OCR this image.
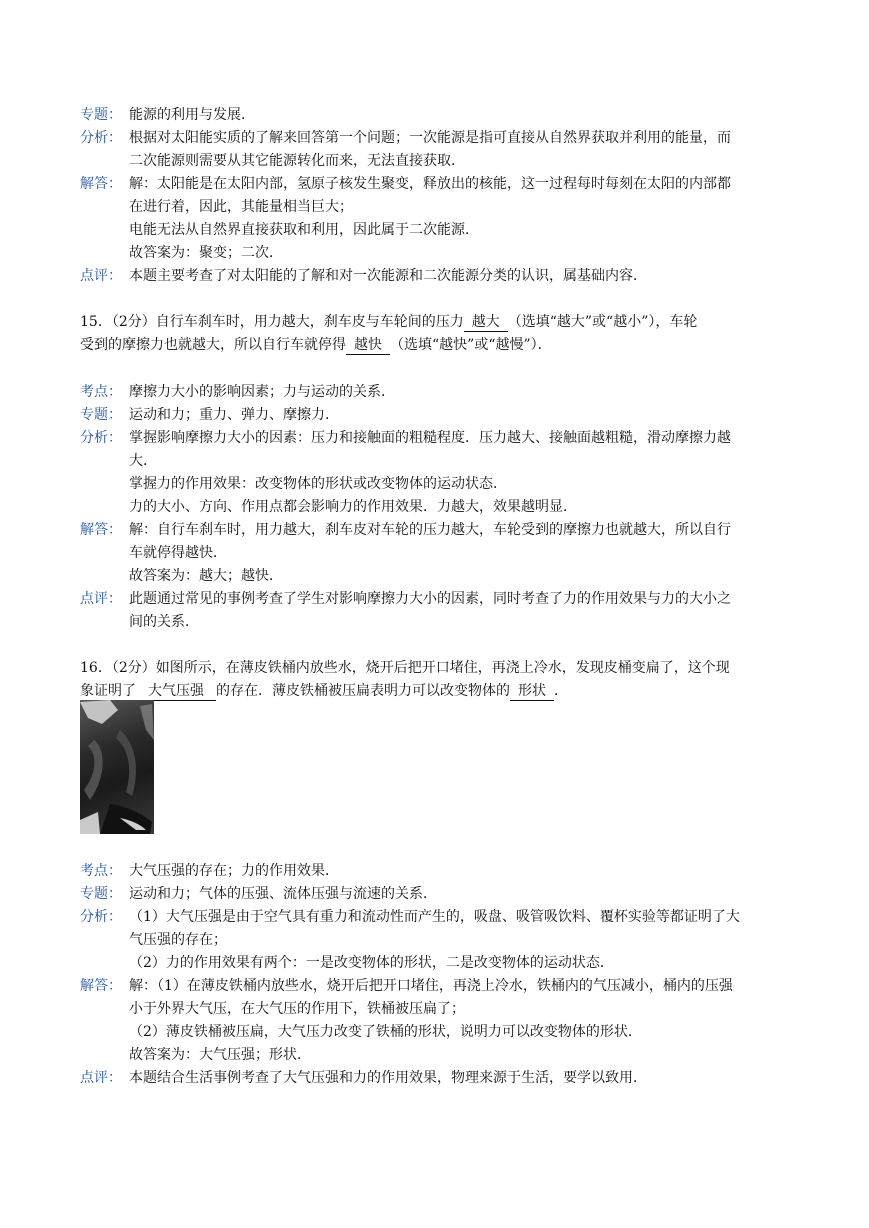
专题： 能源的利用与发展．

分析： 根据对太阳能实质的了解来回答第一个问题；一次能源是指可直接从自然界获取并利用的能量，而

二次能源则需要从其它能源转化而来，无法直接获取．

解答： 解：太阳能是在太阳内部，氢原子核发生聚变，释放出的核能，这一过程每时每刻在太阳的内部都

在进行着，因此，其能量相当巨大；

电能无法从自然界直接获取和利用，因此属于二次能源．

故答案为：聚变；二次．

点评： 本题主要考查了对太阳能的了解和对一次能源和二次能源分类的认识，属基础内容．

15．（2分）自行车刹车时，用力越大，刹车皮与车轮间的压力 越大 （选填“越大”或“越小”），车轮

受到的摩擦力也就越大，所以自行车就停得 越快 （选填“越快”或“越慢”）．

考点： 摩擦力大小的影响因素；力与运动的关系．

专题： 运动和力；重力、弹力、摩擦力．

分析： 掌握影响摩擦力大小的因素：压力和接触面的粗糙程度．压力越大、接触面越粗糙，滑动摩擦力越

大．

掌握力的作用效果：改变物体的形状或改变物体的运动状态．

力的大小、方向、作用点都会影响力的作用效果．力越大，效果越明显．

解答： 解：自行车刹车时，用力越大，刹车皮对车轮的压力越大，车轮受到的摩擦力也就越大，所以自行

车就停得越快．

故答案为：越大；越快．

点评： 此题通过常见的事例考查了学生对影响摩擦力大小的因素，同时考查了力的作用效果与力的大小之

间的关系．

16．（2分）如图所示，在薄皮铁桶内放些水，烧开后把开口堵住，再浇上冷水，发现皮桶变扁了，这个现

象证明了 大气压强 的存在．薄皮铁桶被压扁表明力可以改变物体的 形状 ．

考点： 大气压强的存在；力的作用效果．

专题： 运动和力；气体的压强、流体压强与流速的关系．

分析： （1）大气压强是由于空气具有重力和流动性而产生的，吸盘、吸管吸饮料、覆杯实验等都证明了大

气压强的存在；

（2）力的作用效果有两个：一是改变物体的形状，二是改变物体的运动状态．

解答： 解：（1）在薄皮铁桶内放些水，烧开后把开口堵住，再浇上冷水，铁桶内的气压减小，桶内的压强

小于外界大气压，在大气压的作用下，铁桶被压扁了；

（2）薄皮铁桶被压扁，大气压力改变了铁桶的形状，说明力可以改变物体的形状．

故答案为：大气压强；形状．

点评： 本题结合生活事例考查了大气压强和力的作用效果，物理来源于生活，要学以致用．
